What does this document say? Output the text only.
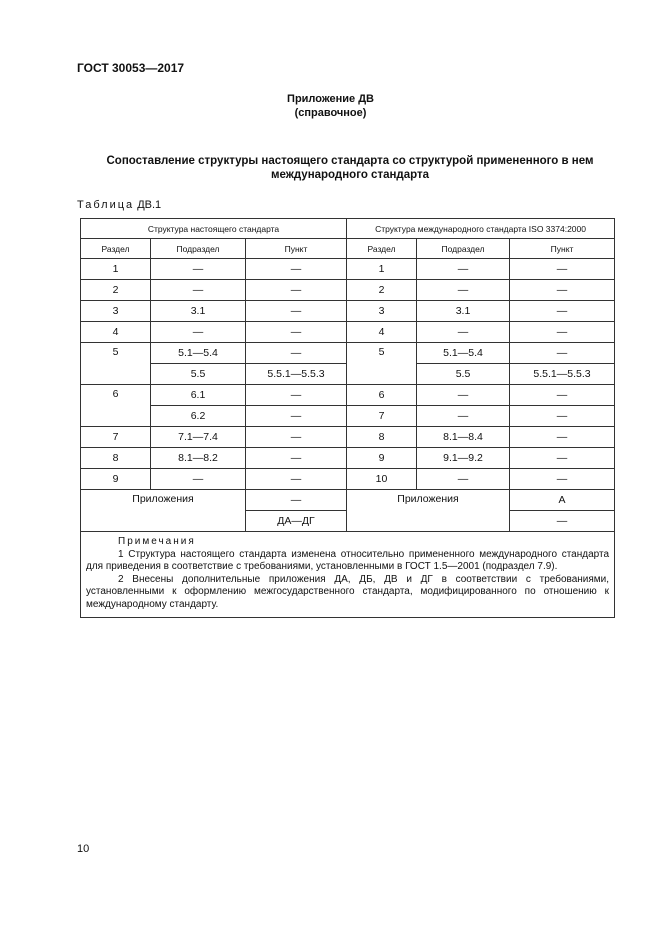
ГОСТ 30053—2017
Приложение ДВ
(справочное)
Сопоставление структуры настоящего стандарта со структурой примененного в нем международного стандарта
Таблица ДВ.1
Структура настоящего стандарта			Структура международного стандарта ISO 3374:2000		
Раздел	Подраздел	Пункт	Раздел	Подраздел	Пункт
1	—	—	1	—	—
2	—	—	2	—	—
3	3.1	—	3	3.1	—
4	—	—	4	—	—
5	5.1—5.4	—	5	5.1—5.4	—
	5.5	5.5.1—5.5.3		5.5	5.5.1—5.5.3
6	6.1	—	6	—	—
	6.2	—	7	—	—
7	7.1—7.4	—	8	8.1—8.4	—
8	8.1—8.2	—	9	9.1—9.2	—
9	—	—	10	—	—
Приложения		—	Приложения		А
		ДА—ДГ			—

Примечания
1 Структура настоящего стандарта изменена относительно примененного международного стандарта для приведения в соответствие с требованиями, установленными в ГОСТ 1.5—2001 (подраздел 7.9).
2 Внесены дополнительные приложения ДА, ДБ, ДВ и ДГ в соответствии с требованиями, установленными к оформлению межгосударственного стандарта, модифицированного по отношению к международному стандарту.					
10
